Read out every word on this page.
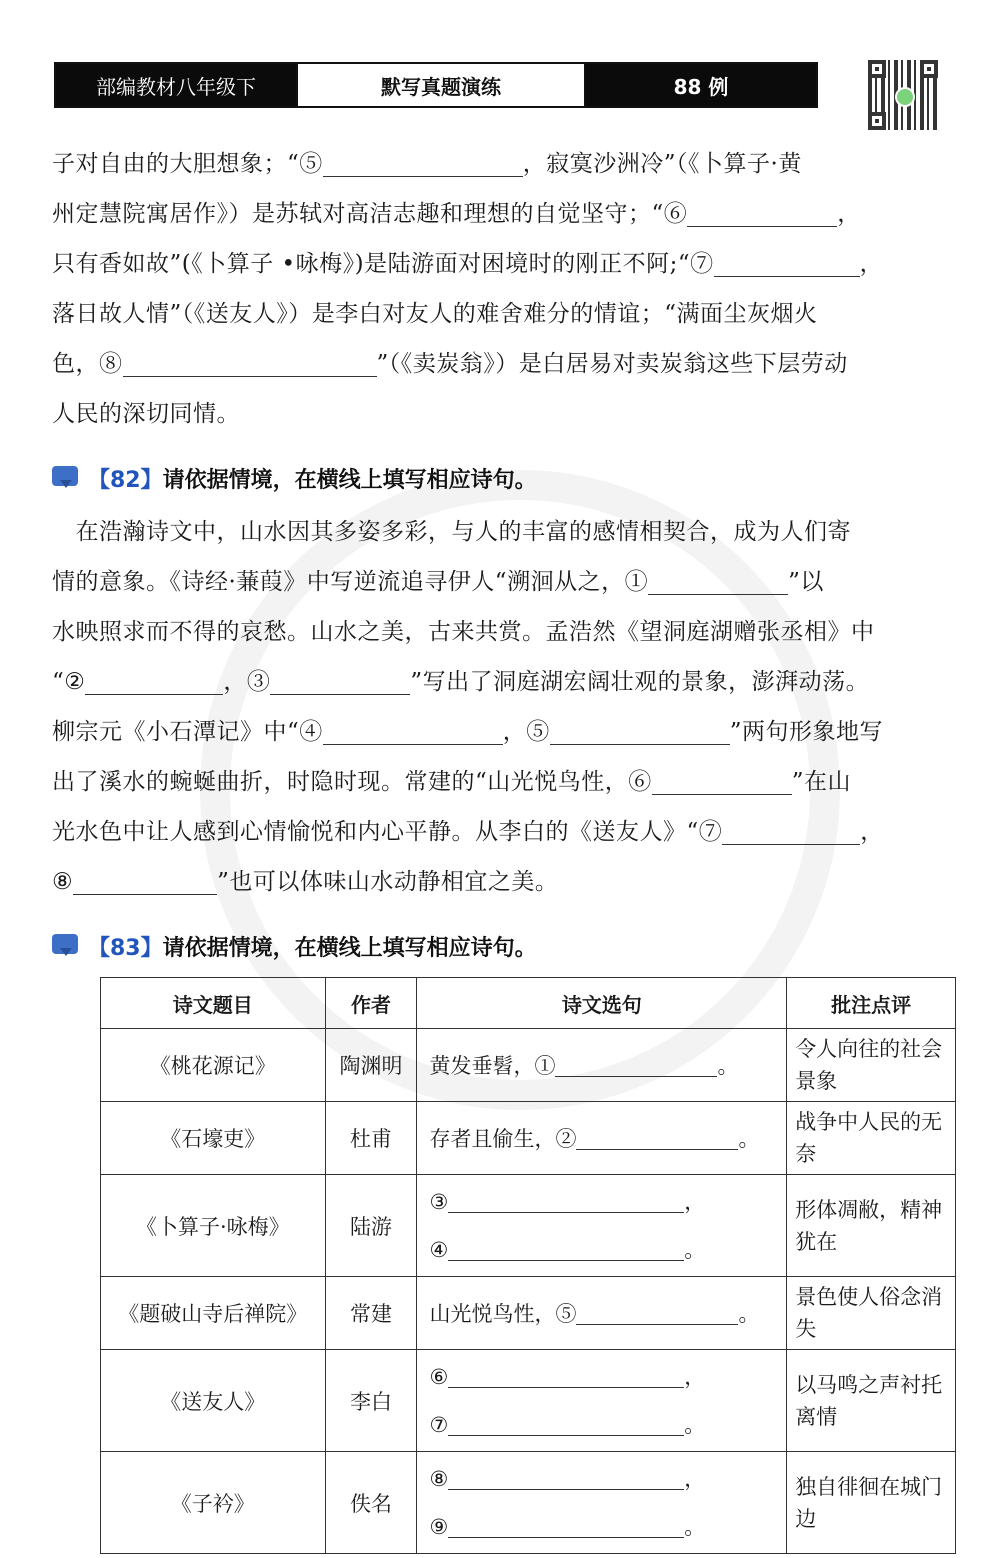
部编教材八年级下	默写真题演练	88 例
子对自由的大胆想象；“⑤	，寂寞沙洲冷”（《卜算子·黄
州定慧院寓居作》）是苏轼对高洁志趣和理想的自觉坚守；“⑥	，
只有香如故”(《卜算子 •咏梅》)是陆游面对困境时的刚正不阿;“⑦	，
落日故人情”（《送友人》）是李白对友人的难舍难分的情谊；“满面尘灰烟火
色，⑧	”（《卖炭翁》）是白居易对卖炭翁这些下层劳动
人民的深切同情。
【82】 请依据情境，在横线上填写相应诗句。
　在浩瀚诗文中，山水因其多姿多彩，与人的丰富的感情相契合，成为人们寄
情的意象。《诗经·蒹葭》中写逆流追寻伊人“溯洄从之，①	”以
水映照求而不得的哀愁。山水之美，古来共赏。孟浩然《望洞庭湖赠张丞相》中
“②	，③	”写出了洞庭湖宏阔壮观的景象，澎湃动荡。
柳宗元《小石潭记》中“④	，⑤	”两句形象地写
出了溪水的蜿蜒曲折，时隐时现。常建的“山光悦鸟性，⑥	”在山
光水色中让人感到心情愉悦和内心平静。从李白的《送友人》“⑦	，
⑧	”也可以体味山水动静相宜之美。
【83】 请依据情境，在横线上填写相应诗句。
诗文题目	作者	诗文选句	批注点评
《桃花源记》	陶渊明	黄发垂髫，① 。	令人向往的社会景象
《石壕吏》	杜甫	存者且偷生，② 。	战争中人民的无奈
《卜算子·咏梅》	陆游	③ ，
④ 。	形体凋敝，精神犹在
《题破山寺后禅院》	常建	山光悦鸟性，⑤ 。	景色使人俗念消失
《送友人》	李白	⑥ ，
⑦ 。	以马鸣之声衬托离情
《子衿》	佚名	⑧ ，
⑨ 。	独自徘徊在城门边
